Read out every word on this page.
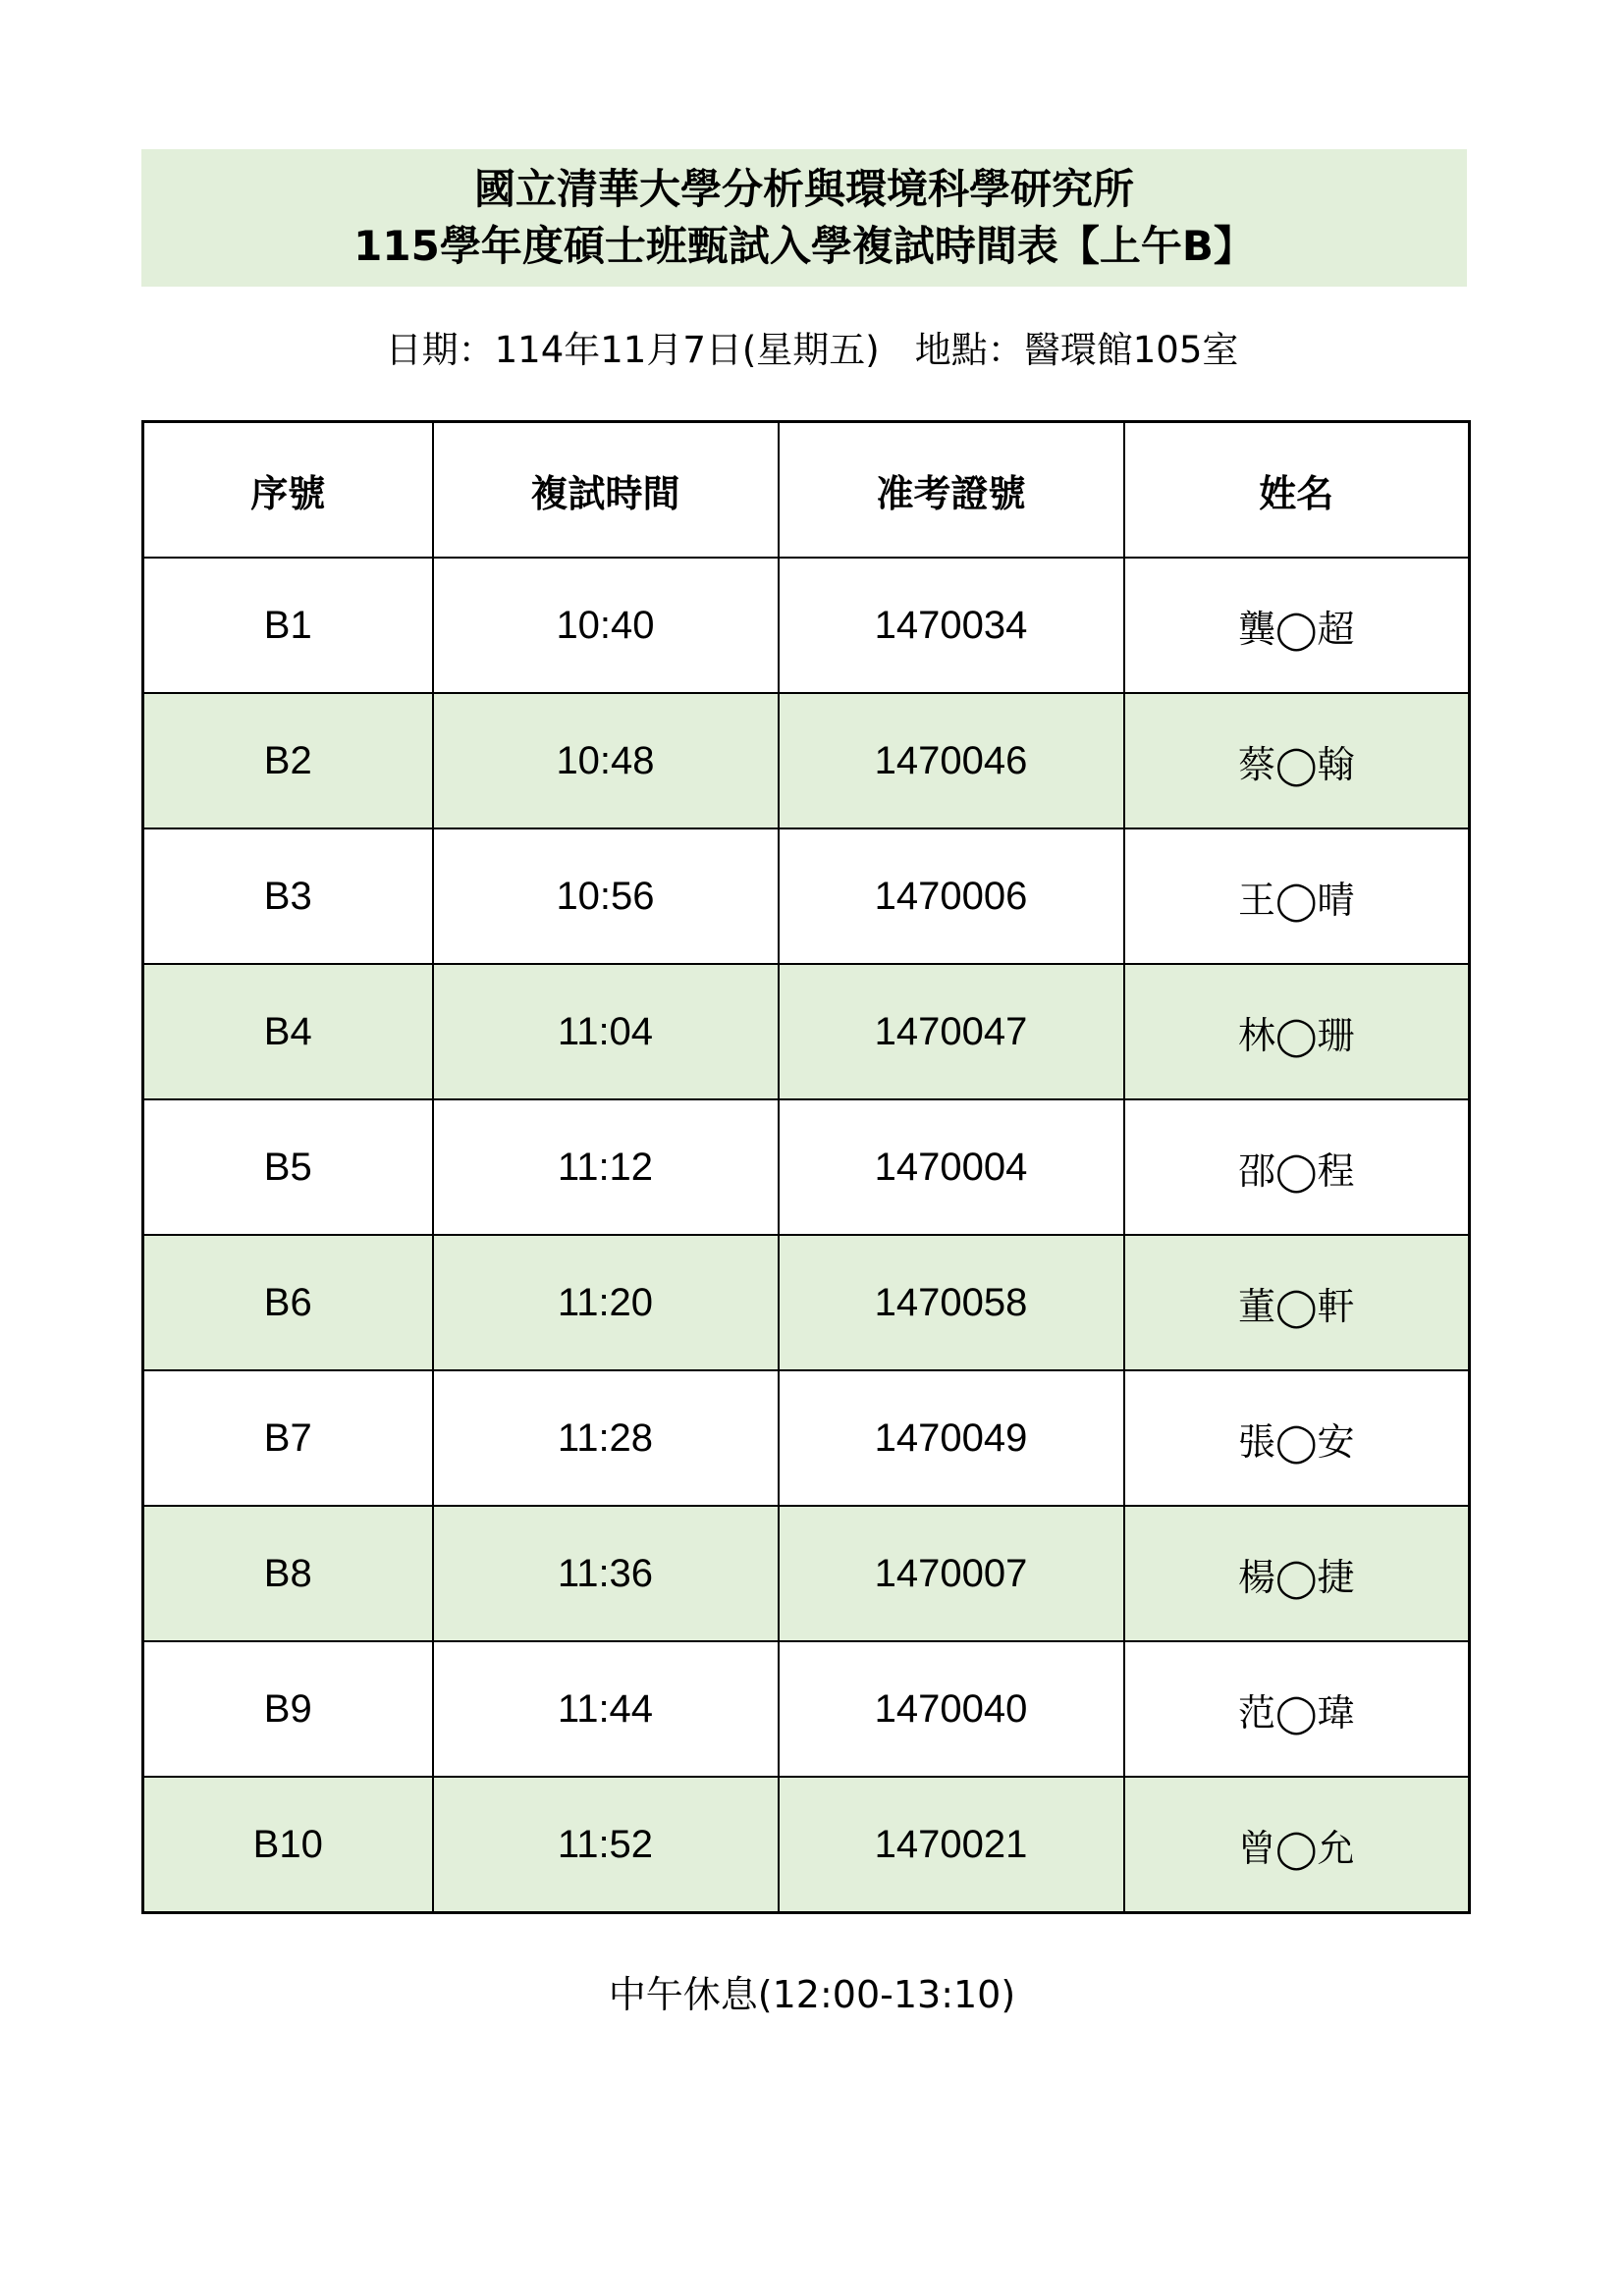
國立清華大學分析與環境科學研究所
115學年度碩士班甄試入學複試時間表【上午B】
日期：114年11月7日(星期五) 地點：醫環館105室
序號	複試時間	准考證號	姓名
B1	10:40	1470034	龔◯超
B2	10:48	1470046	蔡◯翰
B3	10:56	1470006	王◯晴
B4	11:04	1470047	林◯珊
B5	11:12	1470004	邵◯程
B6	11:20	1470058	董◯軒
B7	11:28	1470049	張◯安
B8	11:36	1470007	楊◯捷
B9	11:44	1470040	范◯瑋
B10	11:52	1470021	曾◯允
中午休息(12:00-13:10)
